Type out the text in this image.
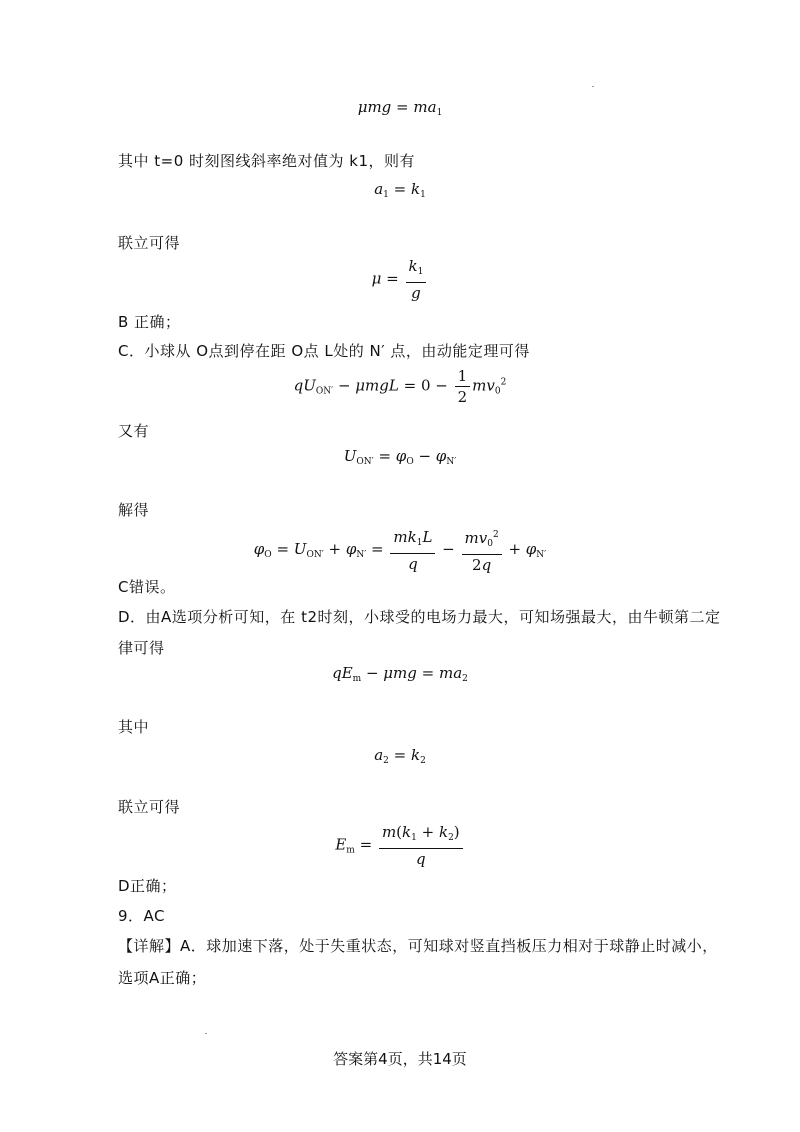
$\mu mg = ma_1$
其中 t=0 时刻图线斜率绝对值为 k1，则有
$a_1 = k_1$
联立可得
$\mu = \frac{k_1}{g}$
B 正确；
C．小球从 O点到停在距 O点 L处的 N′ 点，由动能定理可得
$qU_{ON'} - \mu mgL = 0 - \frac{1}{2} mv_0^2$
又有
$U_{ON'} = \varphi_O - \varphi_{N'}$
解得
$\varphi_O = U_{ON'} + \varphi_{N'} = \frac{mk_1L}{q} - \frac{mv_0^2}{2q} + \varphi_{N'}$
C错误。
D．由A选项分析可知，在 t2时刻，小球受的电场力最大，可知场强最大，由牛顿第二定
律可得
$qE_m - \mu mg = ma_2$
其中
$a_2 = k_2$
联立可得
$E_m = \frac{m(k_1 + k_2)}{q}$
D正确；
9．AC
【详解】A．球加速下落，处于失重状态，可知球对竖直挡板压力相对于球静止时减小，
选项A正确；
答案第4页，共14页
